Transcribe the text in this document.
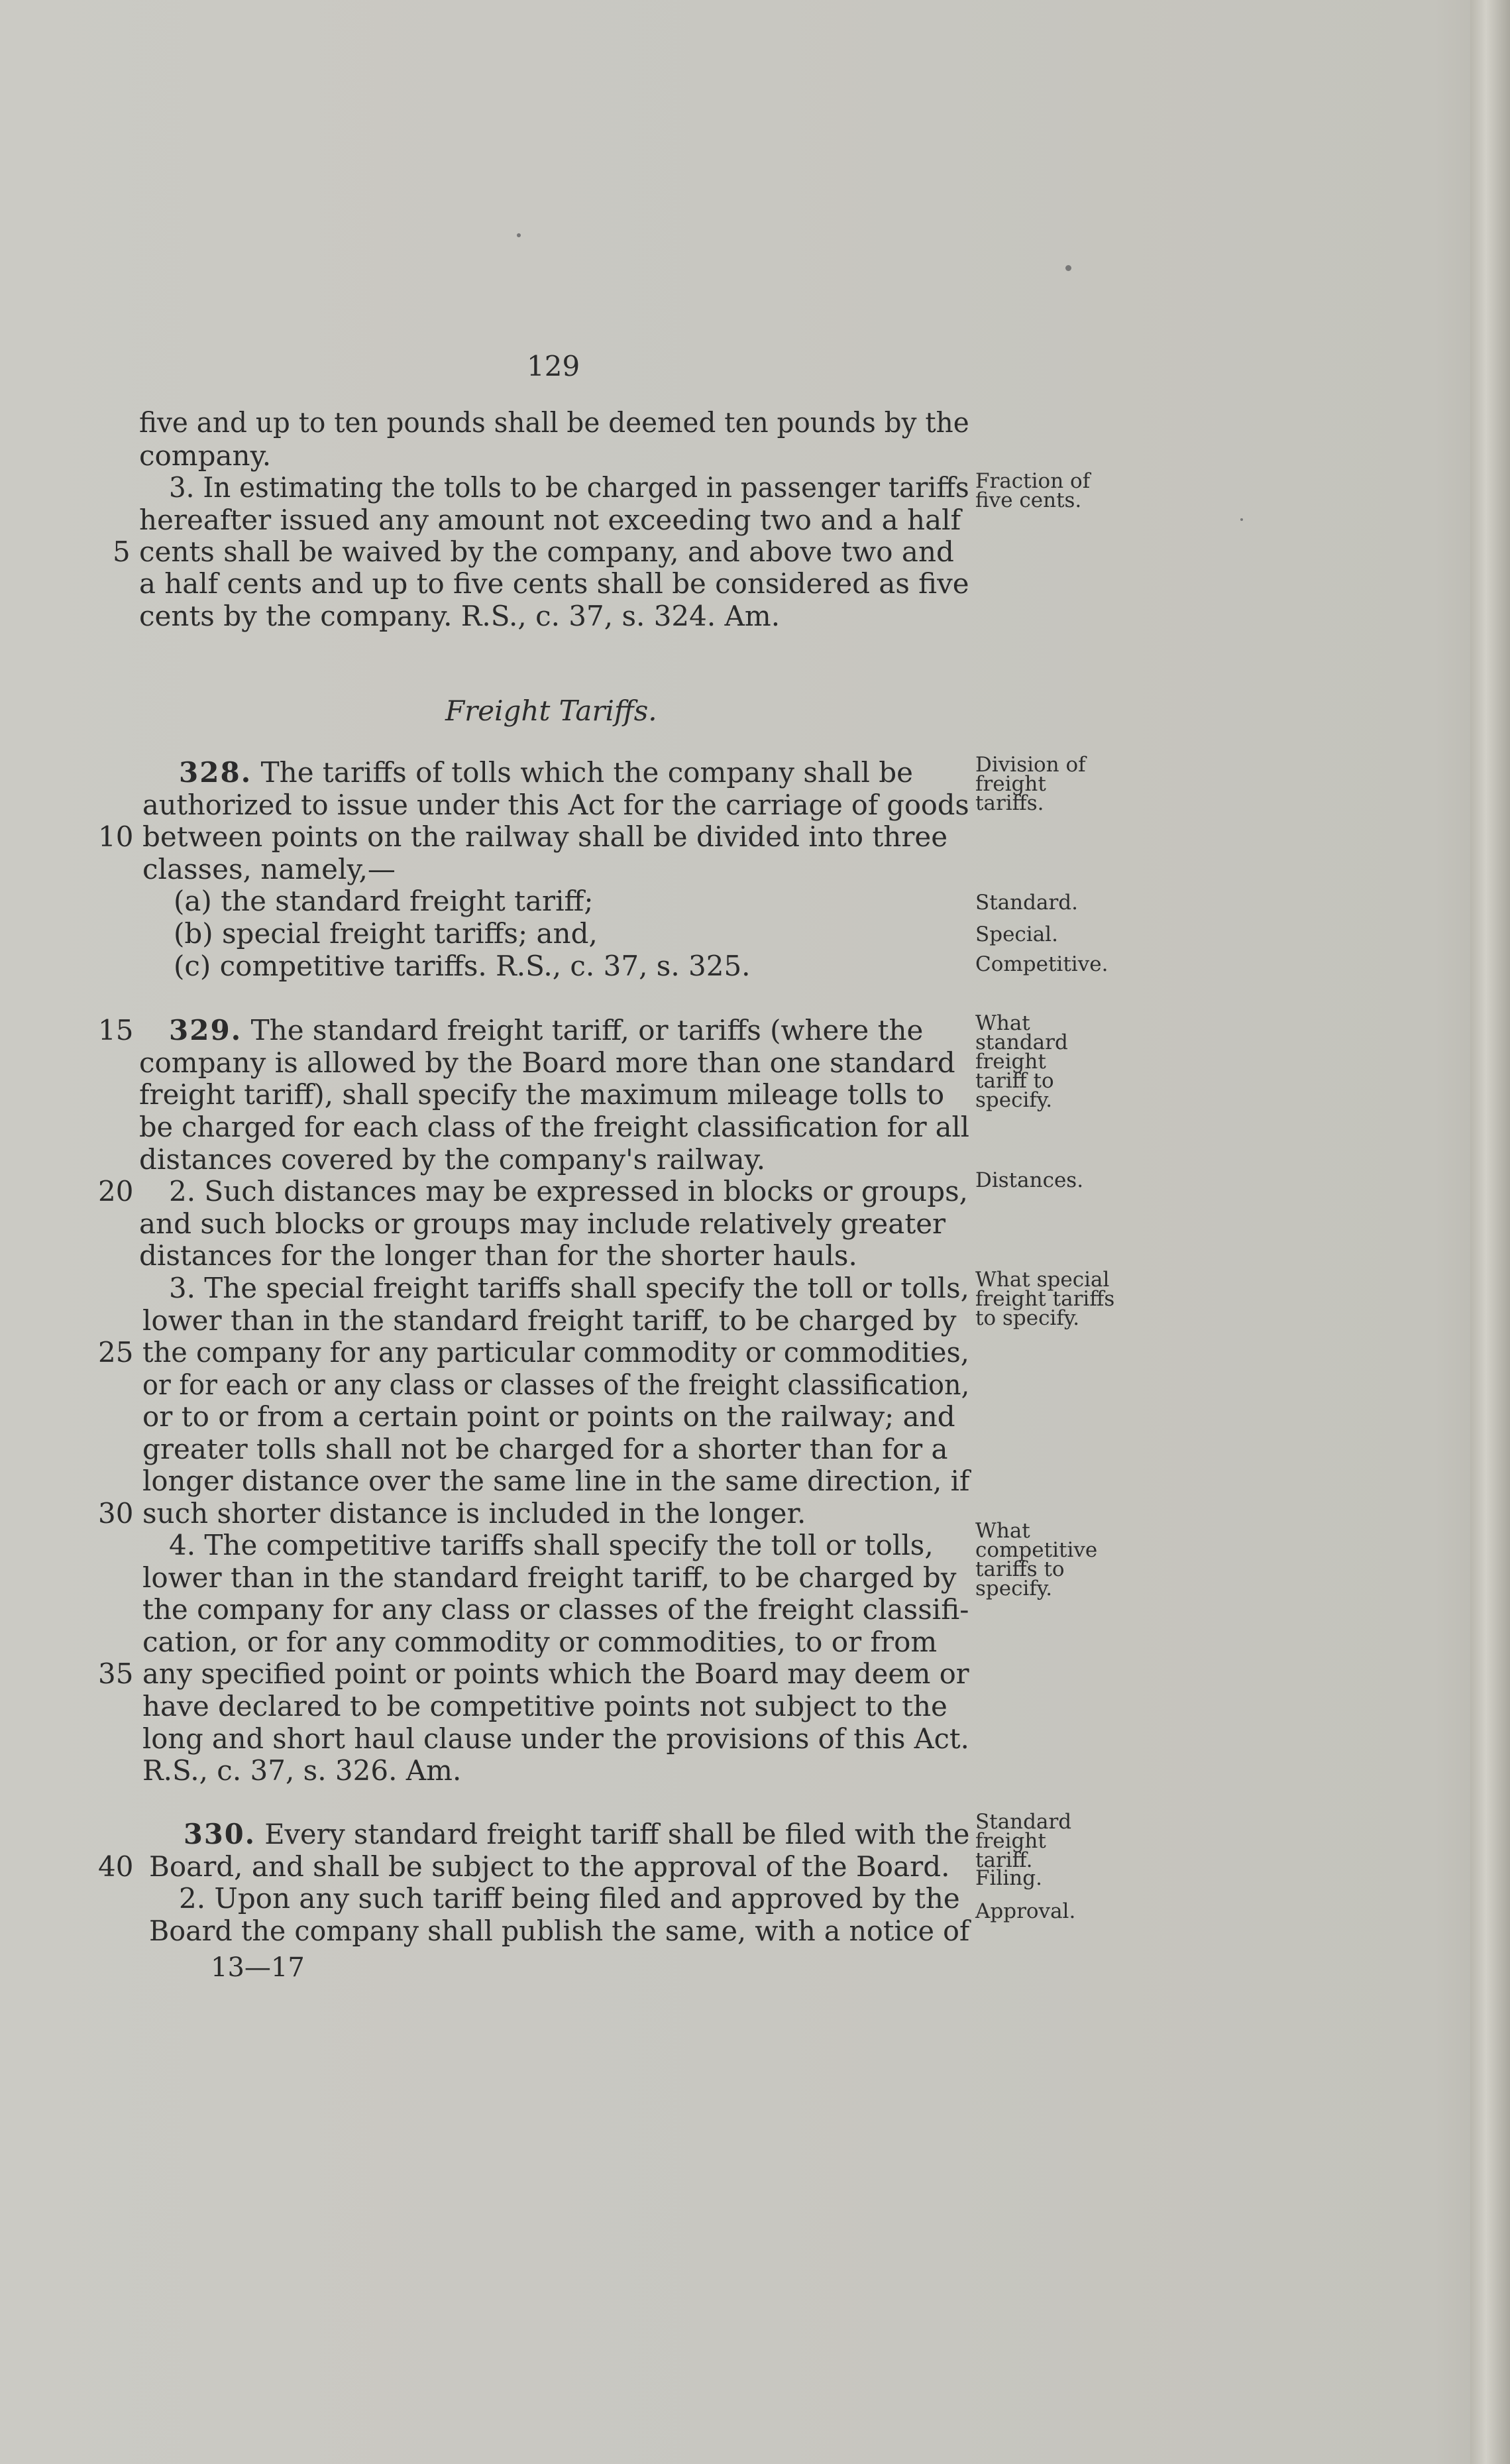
129
Freight Tariffs.
13—17
five and up to ten pounds shall be deemed ten pounds by the
company.
3. In estimating the tolls to be charged in passenger tariffs
hereafter issued any amount not exceeding two and a half
cents shall be waived by the company, and above two and
5
a half cents and up to five cents shall be considered as five
cents by the company. R.S., c. 37, s. 324. Am.
328. The tariffs of tolls which the company shall be
authorized to issue under this Act for the carriage of goods
between points on the railway shall be divided into three
10
classes, namely,—
(a) the standard freight tariff;
(b) special freight tariffs; and,
(c) competitive tariffs. R.S., c. 37, s. 325.
329. The standard freight tariff, or tariffs (where the
15
company is allowed by the Board more than one standard
freight tariff), shall specify the maximum mileage tolls to
be charged for each class of the freight classification for all
distances covered by the company's railway.
2. Such distances may be expressed in blocks or groups,
20
and such blocks or groups may include relatively greater
distances for the longer than for the shorter hauls.
3. The special freight tariffs shall specify the toll or tolls,
lower than in the standard freight tariff, to be charged by
the company for any particular commodity or commodities,
25
or for each or any class or classes of the freight classification,
or to or from a certain point or points on the railway; and
greater tolls shall not be charged for a shorter than for a
longer distance over the same line in the same direction, if
such shorter distance is included in the longer.
30
4. The competitive tariffs shall specify the toll or tolls,
lower than in the standard freight tariff, to be charged by
the company for any class or classes of the freight classifi-
cation, or for any commodity or commodities, to or from
any specified point or points which the Board may deem or
35
have declared to be competitive points not subject to the
long and short haul clause under the provisions of this Act.
R.S., c. 37, s. 326. Am.
330. Every standard freight tariff shall be filed with the
Board, and shall be subject to the approval of the Board.
40
2. Upon any such tariff being filed and approved by the
Board the company shall publish the same, with a notice of
Fraction of
five cents.
Division of
freight
tariffs.
Standard.
Special.
Competitive.
What
standard
freight
tariff to
specify.
Distances.
What special
freight tariffs
to specify.
What
competitive
tariffs to
specify.
Standard
freight
tariff.
Filing.
Approval.
